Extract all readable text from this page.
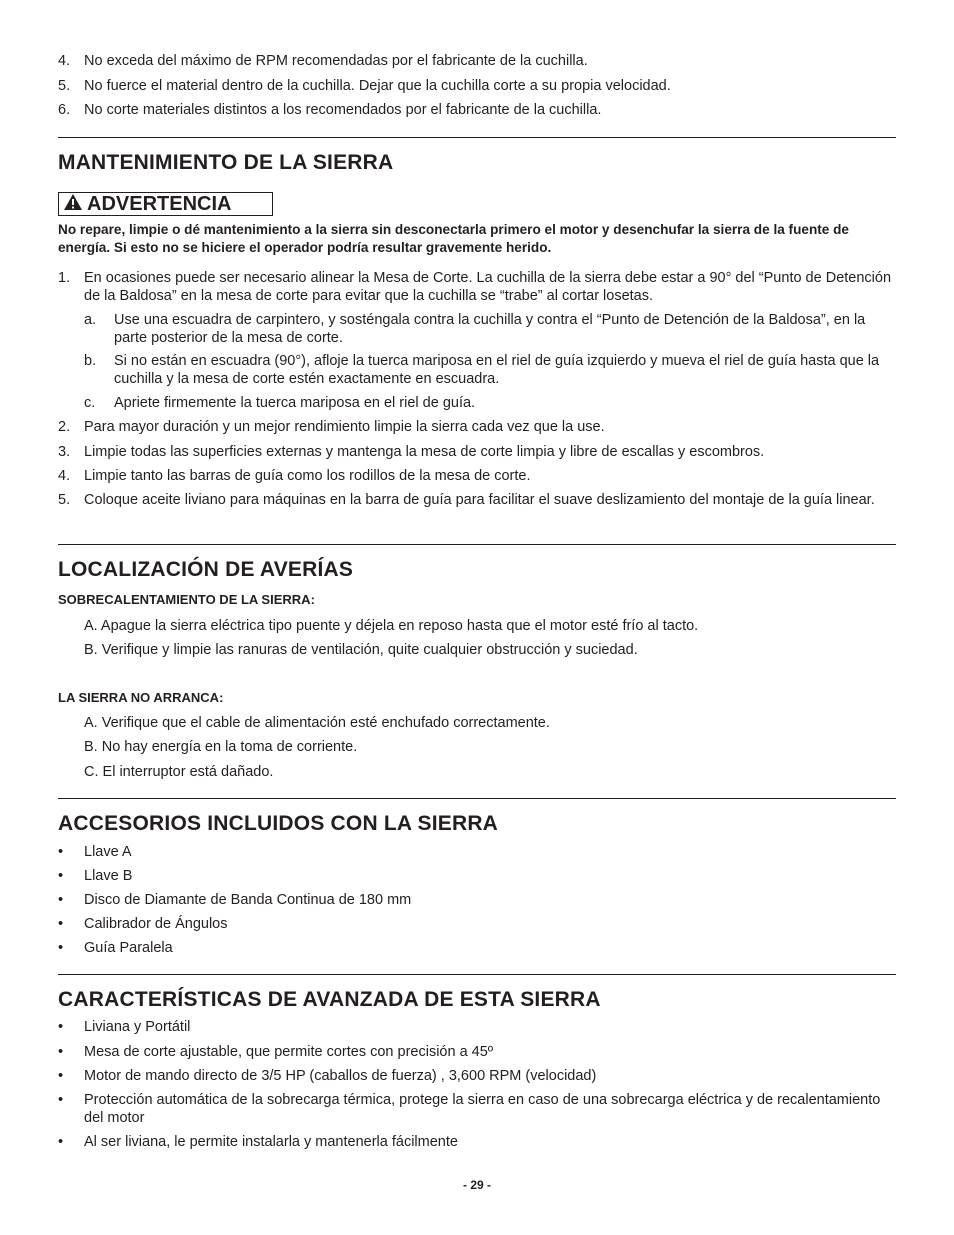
4. No exceda del máximo de RPM recomendadas por el fabricante de la cuchilla.
5. No fuerce el material dentro de la cuchilla. Dejar que la cuchilla corte a su propia velocidad.
6. No corte materiales distintos a los recomendados por el fabricante de la cuchilla.
MANTENIMIENTO DE LA SIERRA
ADVERTENCIA
No repare, limpie o dé mantenimiento a la sierra sin desconectarla primero el motor y desenchufar la sierra de la fuente de energía. Si esto no se hiciere el operador podría resultar gravemente herido.
1. En ocasiones puede ser necesario alinear la Mesa de Corte. La cuchilla de la sierra debe estar a 90° del “Punto de Detención de la Baldosa” en la mesa de corte para evitar que la cuchilla se “trabe” al cortar losetas.
a. Use una escuadra de carpintero, y sosténgala contra la cuchilla y contra el “Punto de Detención de la Baldosa”, en la parte posterior de la mesa de corte.
b. Si no están en escuadra (90°), afloje la tuerca mariposa en el riel de guía izquierdo y mueva el riel de guía hasta que la cuchilla y la mesa de corte estén exactamente en escuadra.
c. Apriete firmemente la tuerca mariposa en el riel de guía.
2. Para mayor duración y un mejor rendimiento limpie la sierra cada vez que la use.
3. Limpie todas las superficies externas y mantenga la mesa de corte limpia y libre de escallas y escombros.
4. Limpie tanto las barras de guía como los rodillos de la mesa de corte.
5. Coloque aceite liviano para máquinas en la barra de guía para facilitar el suave deslizamiento del montaje de la guía linear.
LOCALIZACIÓN DE AVERÍAS
SOBRECALENTAMIENTO DE LA SIERRA:
A. Apague la sierra eléctrica tipo puente y déjela en reposo hasta que el motor esté frío al tacto.
B. Verifique y limpie las ranuras de ventilación, quite cualquier obstrucción y suciedad.
LA SIERRA NO ARRANCA:
A. Verifique que el cable de alimentación esté enchufado correctamente.
B. No hay energía en la toma de corriente.
C. El interruptor está dañado.
ACCESORIOS INCLUIDOS CON LA SIERRA
• Llave A
• Llave B
• Disco de Diamante de Banda Continua de 180 mm
• Calibrador de Ángulos
• Guía Paralela
CARACTERÍSTICAS DE AVANZADA DE ESTA SIERRA
• Liviana y Portátil
• Mesa de corte ajustable, que permite cortes con precisión a 45º
• Motor de mando directo de 3/5 HP (caballos de fuerza) , 3,600 RPM (velocidad)
• Protección automática de la sobrecarga térmica, protege la sierra en caso de una sobrecarga eléctrica y de recalentamiento del motor
• Al ser liviana, le permite instalarla y mantenerla fácilmente
- 29 -
